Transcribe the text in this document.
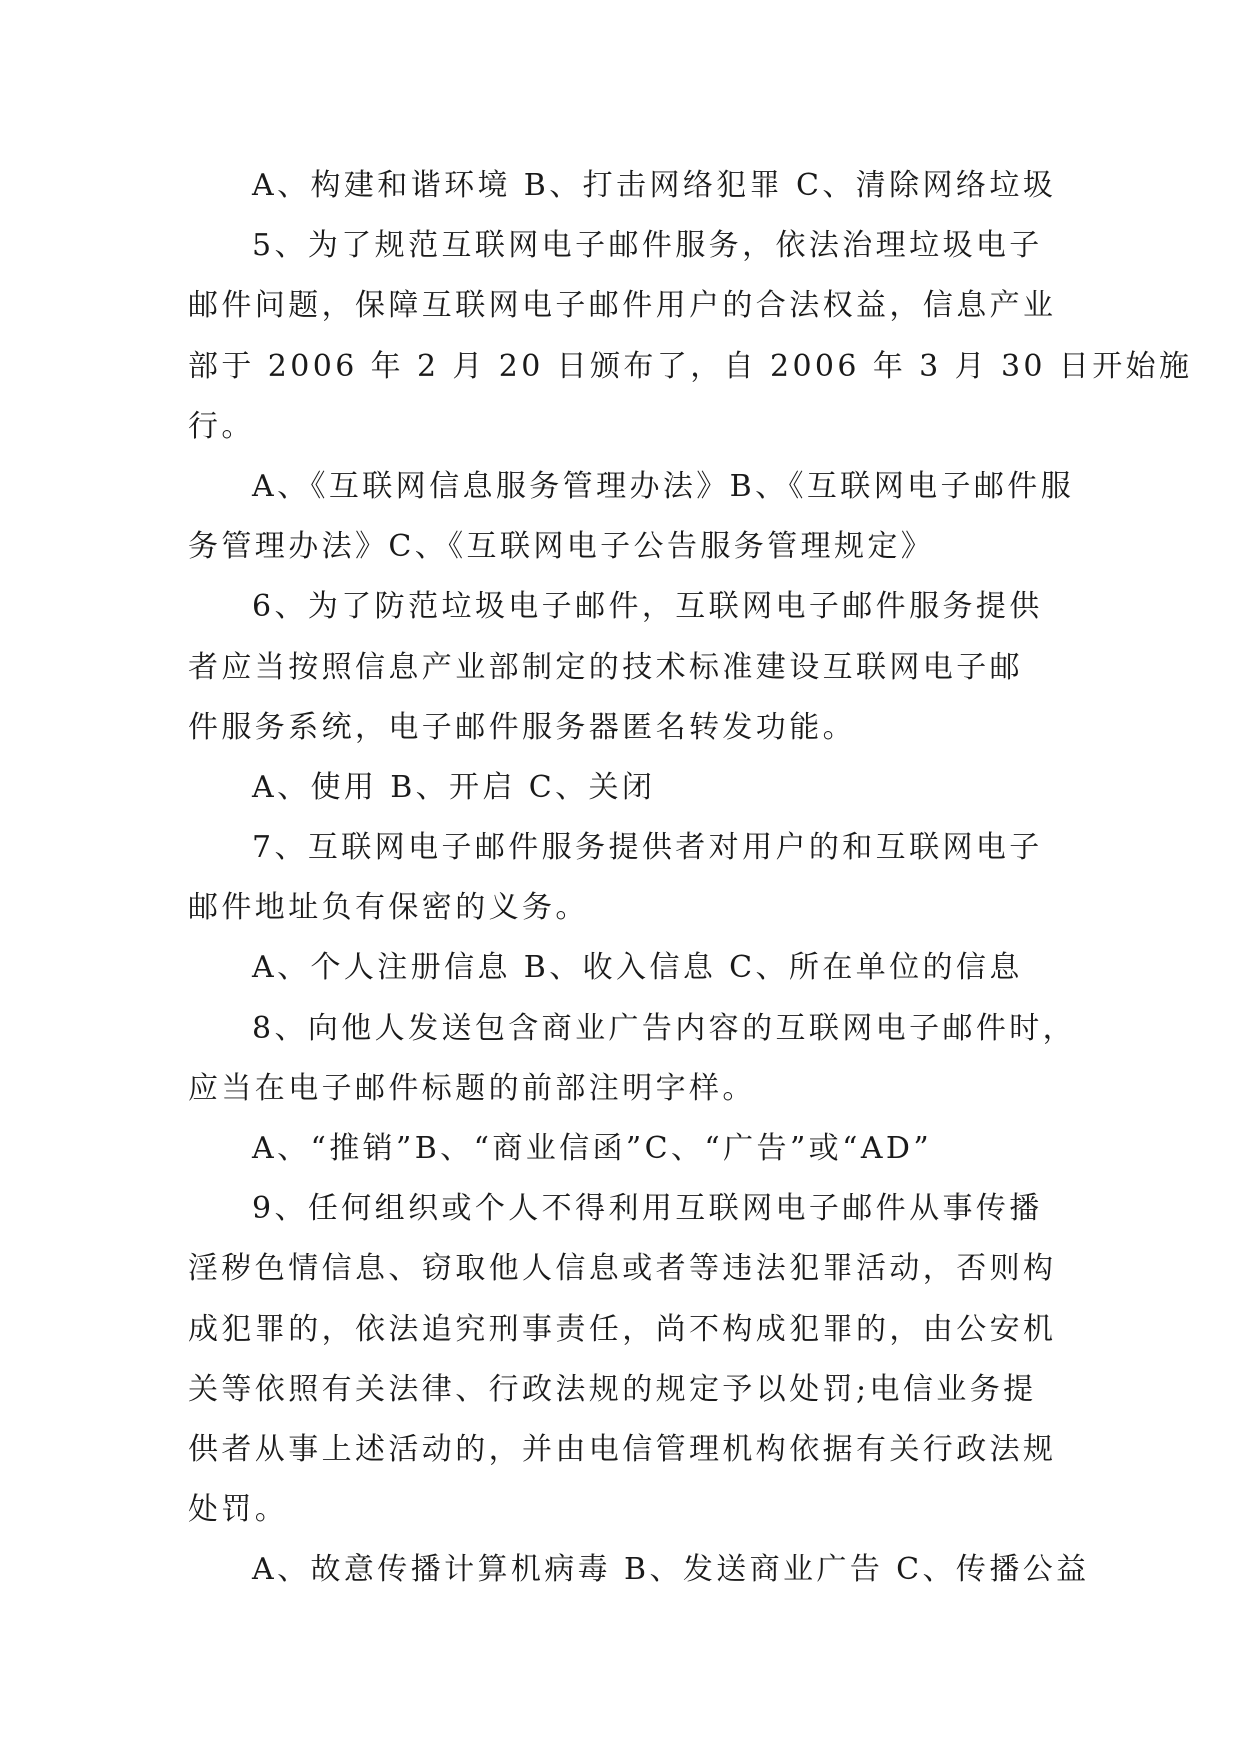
A、构建和谐环境 B、打击网络犯罪 C、清除网络垃圾
5、为了规范互联网电子邮件服务，依法治理垃圾电子
邮件问题，保障互联网电子邮件用户的合法权益，信息产业
部于 2006 年 2 月 20 日颁布了，自 2006 年 3 月 30 日开始施
行。
A、《互联网信息服务管理办法》B、《互联网电子邮件服
务管理办法》C、《互联网电子公告服务管理规定》
6、为了防范垃圾电子邮件，互联网电子邮件服务提供
者应当按照信息产业部制定的技术标准建设互联网电子邮
件服务系统，电子邮件服务器匿名转发功能。
A、使用 B、开启 C、关闭
7、互联网电子邮件服务提供者对用户的和互联网电子
邮件地址负有保密的义务。
A、个人注册信息 B、收入信息 C、所在单位的信息
8、向他人发送包含商业广告内容的互联网电子邮件时，
应当在电子邮件标题的前部注明字样。
A、“推销”B、“商业信函”C、“广告”或“AD”
9、任何组织或个人不得利用互联网电子邮件从事传播
淫秽色情信息、窃取他人信息或者等违法犯罪活动，否则构
成犯罪的，依法追究刑事责任，尚不构成犯罪的，由公安机
关等依照有关法律、行政法规的规定予以处罚;电信业务提
供者从事上述活动的，并由电信管理机构依据有关行政法规
处罚。
A、故意传播计算机病毒 B、发送商业广告 C、传播公益
